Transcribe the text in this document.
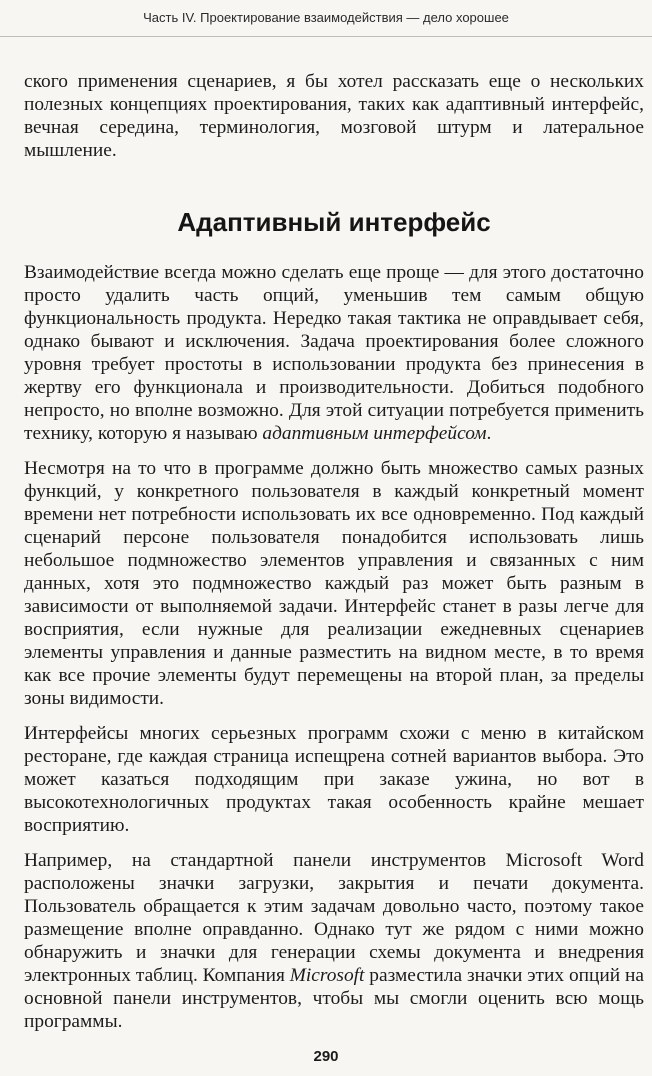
Часть IV. Проектирование взаимодействия — дело хорошее

ского применения сценариев, я бы хотел рассказать еще о нескольких полезных концепциях проектирования, таких как адаптивный интерфейс, вечная середина, терминология, мозговой штурм и латеральное мышление.

Адаптивный интерфейс

Взаимодействие всегда можно сделать еще проще — для этого достаточно просто удалить часть опций, уменьшив тем самым общую функциональность продукта. Нередко такая тактика не оправдывает себя, однако бывают и исключения. Задача проектирования более сложного уровня требует простоты в использовании продукта без принесения в жертву его функционала и производительности. Добиться подобного непросто, но вполне возможно. Для этой ситуации потребуется применить технику, которую я называю адаптивным интерфейсом.

Несмотря на то что в программе должно быть множество самых разных функций, у конкретного пользователя в каждый конкретный момент времени нет потребности использовать их все одновременно. Под каждый сценарий персоне пользователя понадобится использовать лишь небольшое подмножество элементов управления и связанных с ним данных, хотя это подмножество каждый раз может быть разным в зависимости от выполняемой задачи. Интерфейс станет в разы легче для восприятия, если нужные для реализации ежедневных сценариев элементы управления и данные разместить на видном месте, в то время как все прочие элементы будут перемещены на второй план, за пределы зоны видимости.

Интерфейсы многих серьезных программ схожи с меню в китайском ресторане, где каждая страница испещрена сотней вариантов выбора. Это может казаться подходящим при заказе ужина, но вот в высокотехнологичных продуктах такая особенность крайне мешает восприятию.

Например, на стандартной панели инструментов Microsoft Word расположены значки загрузки, закрытия и печати документа. Пользователь обращается к этим задачам довольно часто, поэтому такое размещение вполне оправданно. Однако тут же рядом с ними можно обнаружить и значки для генерации схемы документа и внедрения электронных таблиц. Компания Microsoft разместила значки этих опций на основной панели инструментов, чтобы мы смогли оценить всю мощь программы.

290
